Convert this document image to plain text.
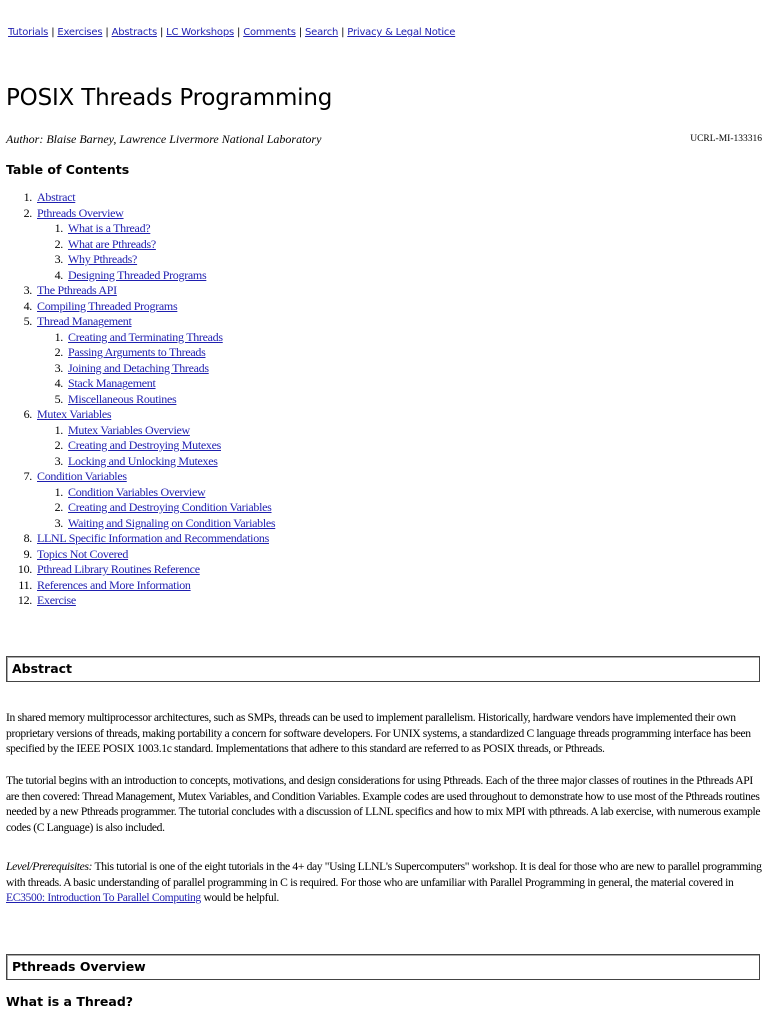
Tutorials | Exercises | Abstracts | LC Workshops | Comments | Search | Privacy & Legal Notice
POSIX Threads Programming
Author: Blaise Barney, Lawrence Livermore National Laboratory	UCRL-MI-133316
Table of Contents
1. Abstract
2. Pthreads Overview
1. What is a Thread?
2. What are Pthreads?
3. Why Pthreads?
4. Designing Threaded Programs
3. The Pthreads API
4. Compiling Threaded Programs
5. Thread Management
1. Creating and Terminating Threads
2. Passing Arguments to Threads
3. Joining and Detaching Threads
4. Stack Management
5. Miscellaneous Routines
6. Mutex Variables
1. Mutex Variables Overview
2. Creating and Destroying Mutexes
3. Locking and Unlocking Mutexes
7. Condition Variables
1. Condition Variables Overview
2. Creating and Destroying Condition Variables
3. Waiting and Signaling on Condition Variables
8. LLNL Specific Information and Recommendations
9. Topics Not Covered
10. Pthread Library Routines Reference
11. References and More Information
12. Exercise
Abstract

In shared memory multiprocessor architectures, such as SMPs, threads can be used to implement parallelism. Historically, hardware vendors have implemented their own proprietary versions of threads, making portability a concern for software developers. For UNIX systems, a standardized C language threads programming interface has been specified by the IEEE POSIX 1003.1c standard. Implementations that adhere to this standard are referred to as POSIX threads, or Pthreads.

The tutorial begins with an introduction to concepts, motivations, and design considerations for using Pthreads. Each of the three major classes of routines in the Pthreads API are then covered: Thread Management, Mutex Variables, and Condition Variables. Example codes are used throughout to demonstrate how to use most of the Pthreads routines needed by a new Pthreads programmer. The tutorial concludes with a discussion of LLNL specifics and how to mix MPI with pthreads. A lab exercise, with numerous example codes (C Language) is also included.

Level/Prerequisites: This tutorial is one of the eight tutorials in the 4+ day "Using LLNL's Supercomputers" workshop. It is deal for those who are new to parallel programming with threads. A basic understanding of parallel programming in C is required. For those who are unfamiliar with Parallel Programming in general, the material covered in EC3500: Introduction To Parallel Computing would be helpful.

Pthreads Overview
What is a Thread?
